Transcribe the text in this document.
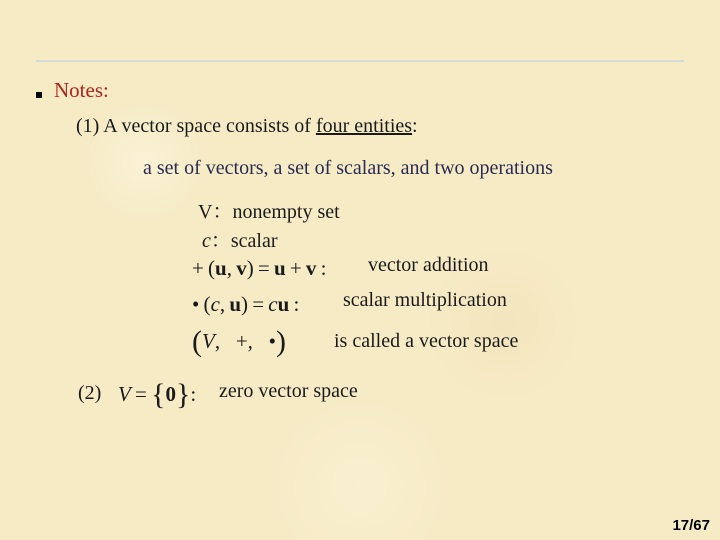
Notes:
(1) A vector space consists of four entities:
a set of vectors, a set of scalars, and two operations
V：nonempty set
c：scalar
+ (u, v) = u + v : vector addition
• (c, u) = cu : scalar multiplication
(V,   +,   •) is called a vector space
(2) V = {0}: zero vector space
17/67
